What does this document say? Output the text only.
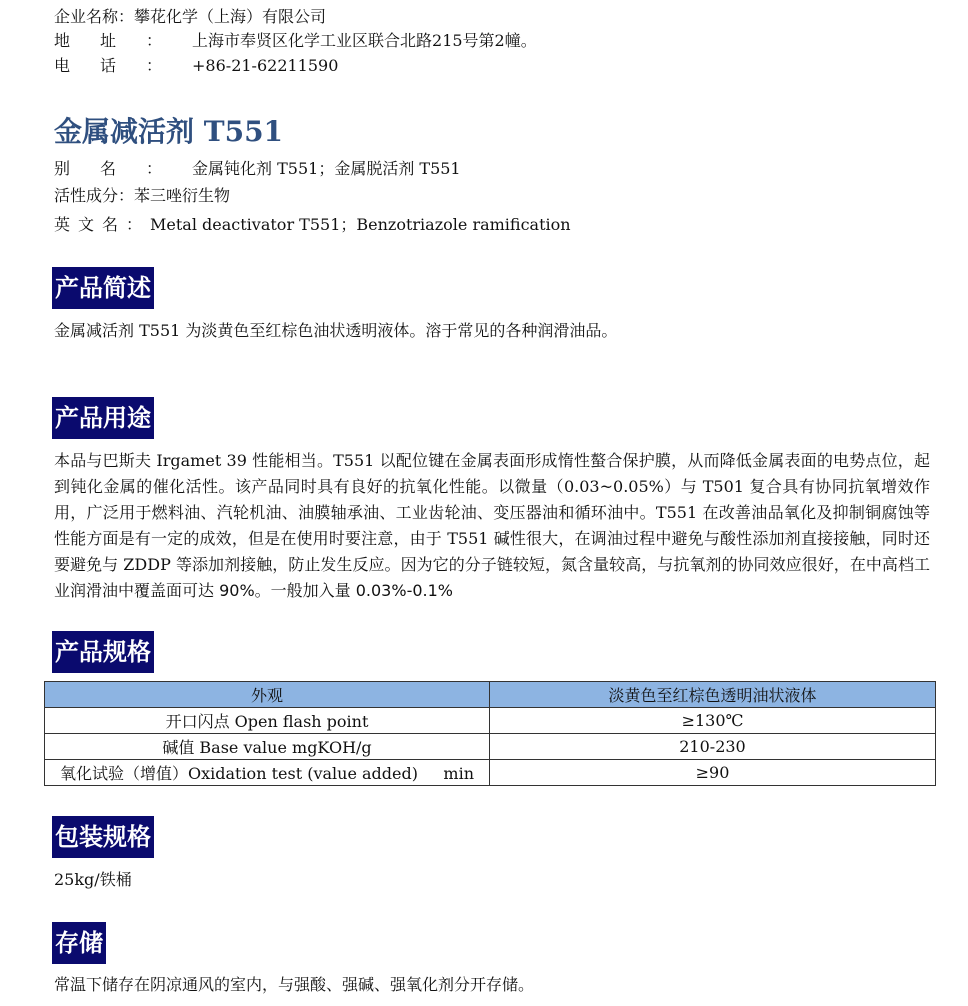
企业名称：攀花化学（上海）有限公司
地址：上海市奉贤区化学工业区联合北路215号第2幢。
电话：+86-21-62211590
金属减活剂 T551
别名：金属钝化剂 T551；金属脱活剂 T551
活性成分：苯三唑衍生物
英文名：Metal deactivator T551；Benzotriazole ramification
产品简述
金属减活剂 T551 为淡黄色至红棕色油状透明液体。溶于常见的各种润滑油品。
产品用途
本品与巴斯夫 Irgamet 39 性能相当。T551 以配位键在金属表面形成惰性螯合保护膜，从而降低金属表面的电势点位，起到钝化金属的催化活性。该产品同时具有良好的抗氧化性能。以微量（0.03~0.05%）与 T501 复合具有协同抗氧增效作用，广泛用于燃料油、汽轮机油、油膜轴承油、工业齿轮油、变压器油和循环油中。T551 在改善油品氧化及抑制铜腐蚀等性能方面是有一定的成效，但是在使用时要注意，由于 T551 碱性很大，在调油过程中避免与酸性添加剂直接接触，同时还要避免与 ZDDP 等添加剂接触，防止发生反应。因为它的分子链较短，氮含量较高，与抗氧剂的协同效应很好，在中高档工业润滑油中覆盖面可达 90%。一般加入量 0.03%-0.1%
产品规格
外观	淡黄色至红棕色透明油状液体
开口闪点 Open flash point	≥130℃
碱值 Base value mgKOH/g	210-230
氧化试验（增值）Oxidation test (value added)     min	≥90
包装规格
25kg/铁桶
存储
常温下储存在阴凉通风的室内，与强酸、强碱、强氧化剂分开存储。
